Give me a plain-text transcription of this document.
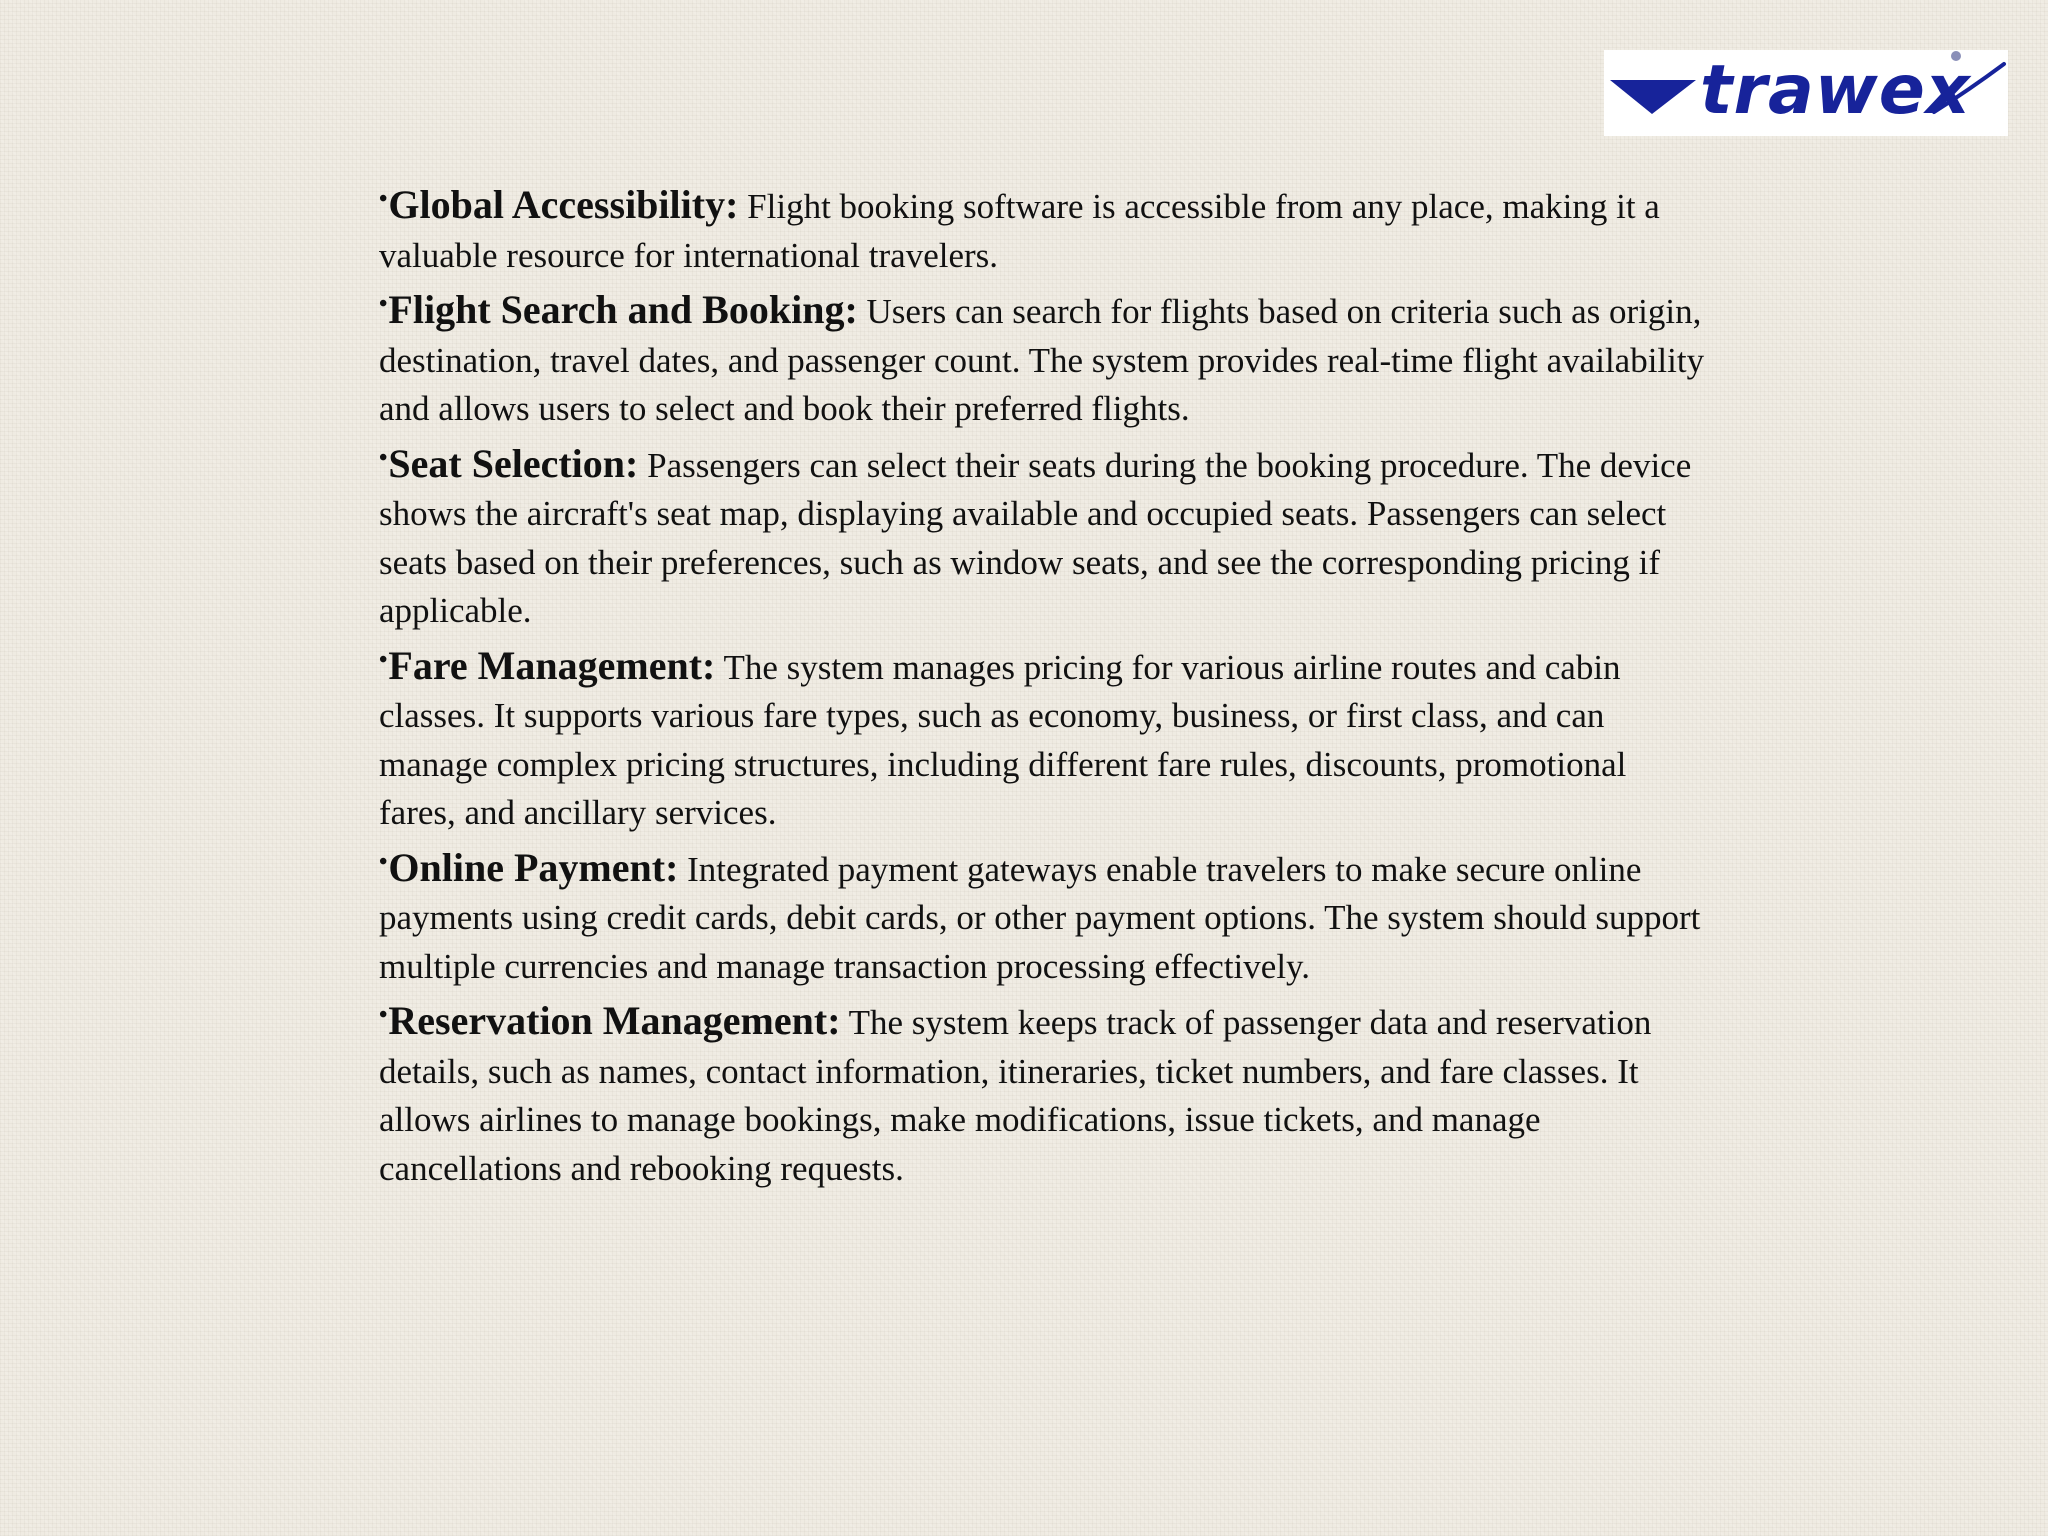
trawex

•Global Accessibility: Flight booking software is accessible from any place, making it a valuable resource for international travelers.

•Flight Search and Booking: Users can search for flights based on criteria such as origin, destination, travel dates, and passenger count. The system provides real-time flight availability and allows users to select and book their preferred flights.

•Seat Selection: Passengers can select their seats during the booking procedure. The device shows the aircraft's seat map, displaying available and occupied seats. Passengers can select seats based on their preferences, such as window seats, and see the corresponding pricing if applicable.

•Fare Management: The system manages pricing for various airline routes and cabin classes. It supports various fare types, such as economy, business, or first class, and can manage complex pricing structures, including different fare rules, discounts, promotional fares, and ancillary services.

•Online Payment: Integrated payment gateways enable travelers to make secure online payments using credit cards, debit cards, or other payment options. The system should support multiple currencies and manage transaction processing effectively.

•Reservation Management: The system keeps track of passenger data and reservation details, such as names, contact information, itineraries, ticket numbers, and fare classes. It allows airlines to manage bookings, make modifications, issue tickets, and manage cancellations and rebooking requests.
